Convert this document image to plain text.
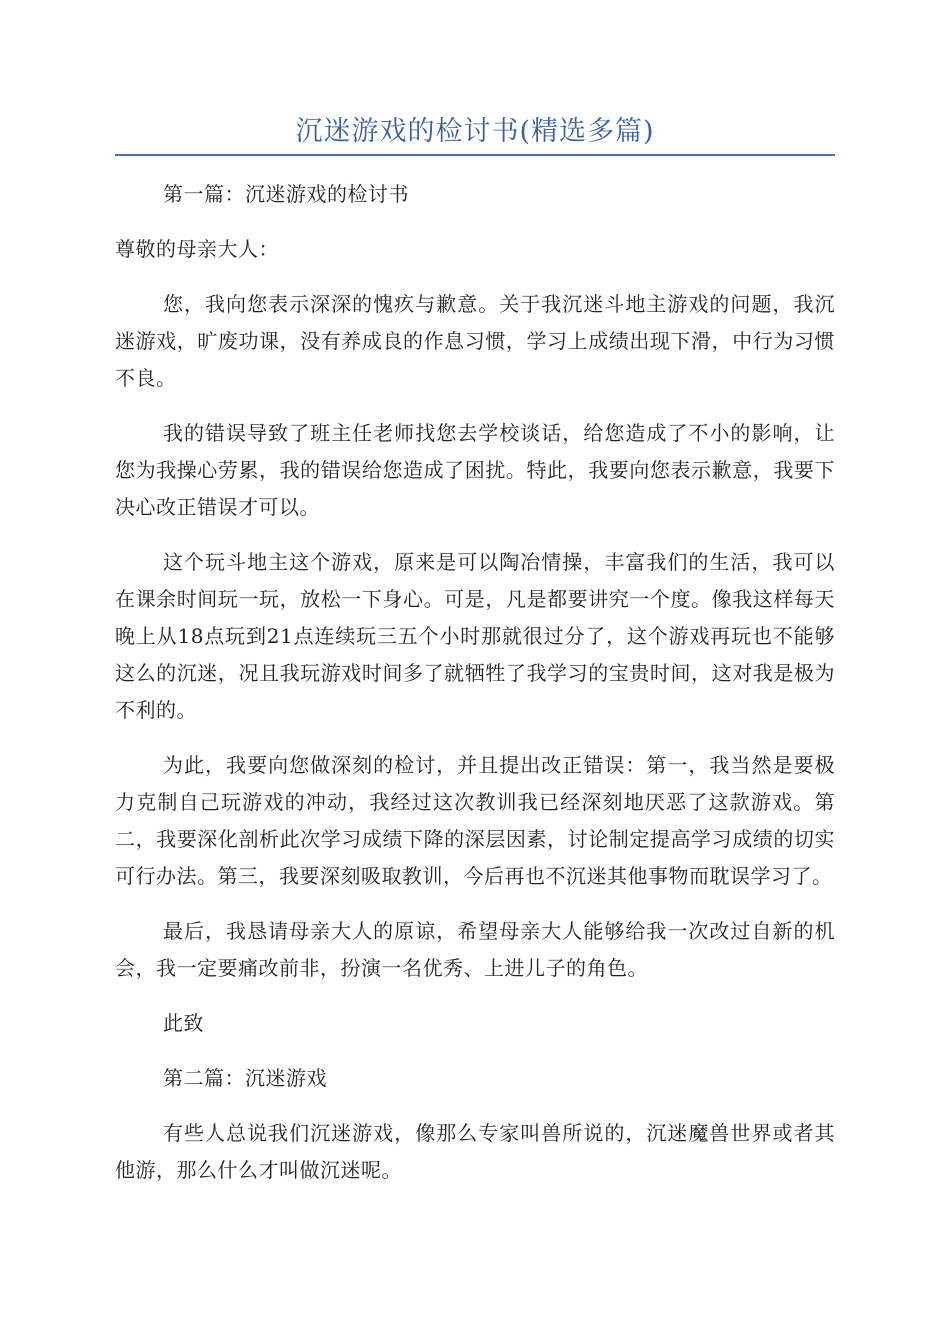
沉迷游戏的检讨书(精选多篇)

第一篇：沉迷游戏的检讨书

尊敬的母亲大人：

您，我向您表示深深的愧疚与歉意。关于我沉迷斗地主游戏的问题，我沉迷游戏，旷废功课，没有养成良的作息习惯，学习上成绩出现下滑，中行为习惯不良。

我的错误导致了班主任老师找您去学校谈话，给您造成了不小的影响，让您为我操心劳累，我的错误给您造成了困扰。特此，我要向您表示歉意，我要下决心改正错误才可以。

这个玩斗地主这个游戏，原来是可以陶冶情操，丰富我们的生活，我可以在课余时间玩一玩，放松一下身心。可是，凡是都要讲究一个度。像我这样每天晚上从18点玩到21点连续玩三五个小时那就很过分了，这个游戏再玩也不能够这么的沉迷，况且我玩游戏时间多了就牺牲了我学习的宝贵时间，这对我是极为不利的。

为此，我要向您做深刻的检讨，并且提出改正错误：第一，我当然是要极力克制自己玩游戏的冲动，我经过这次教训我已经深刻地厌恶了这款游戏。第二，我要深化剖析此次学习成绩下降的深层因素，讨论制定提高学习成绩的切实可行办法。第三，我要深刻吸取教训，今后再也不沉迷其他事物而耽误学习了。

最后，我恳请母亲大人的原谅，希望母亲大人能够给我一次改过自新的机会，我一定要痛改前非，扮演一名优秀、上进儿子的角色。

此致

第二篇：沉迷游戏

有些人总说我们沉迷游戏，像那么专家叫兽所说的，沉迷魔兽世界或者其他游，那么什么才叫做沉迷呢。
